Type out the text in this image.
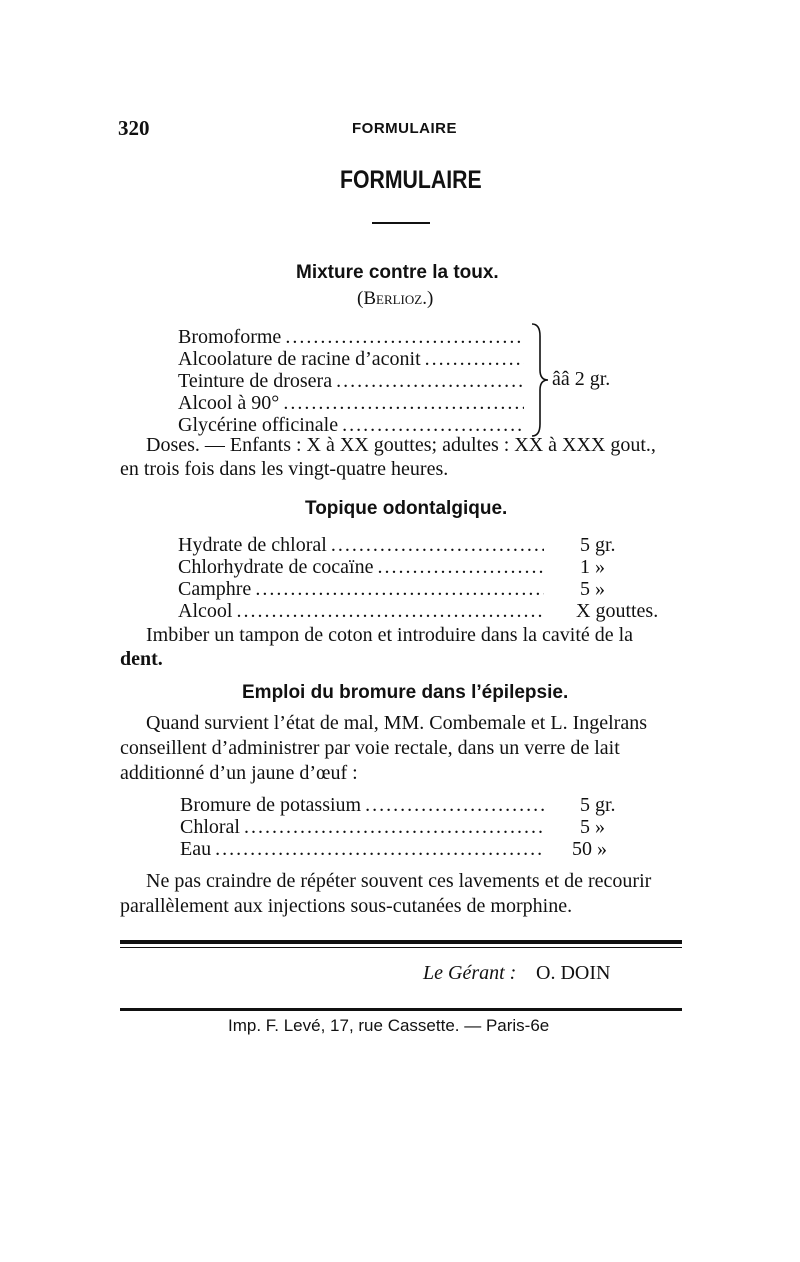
320	FORMULAIRE
FORMULAIRE
Mixture contre la toux.
(Berlioz.)
Bromoforme
.....
Alcoolature de racine d’aconit
.....
Teinture de drosera
.....
Alcool à 90°
.....
Glycérine officinale
.....
ââ 2 gr.
Doses. — Enfants : X à XX gouttes; adultes : XX à XXX gout.,
en trois fois dans les vingt-quatre heures.
Topique odontalgique.
Hydrate de chloral .....	5 gr.
Chlorhydrate de cocaïne .....	1 »
Camphre .....	5 »
Alcool .....	X gouttes.
Imbiber un tampon de coton et introduire dans la cavité de la
dent.
Emploi du bromure dans l’épilepsie.
Quand survient l’état de mal, MM. Combemale et L. Ingelrans
conseillent d’administrer par voie rectale, dans un verre de lait
additionné d’un jaune d’œuf :
Bromure de potassium .....	5 gr.
Chloral .....	5 »
Eau .....	50 »
Ne pas craindre de répéter souvent ces lavements et de recourir
parallèlement aux injections sous-cutanées de morphine.
Le Gérant : O. DOIN
Imp. F. Levé, 17, rue Cassette. — Paris-6e
